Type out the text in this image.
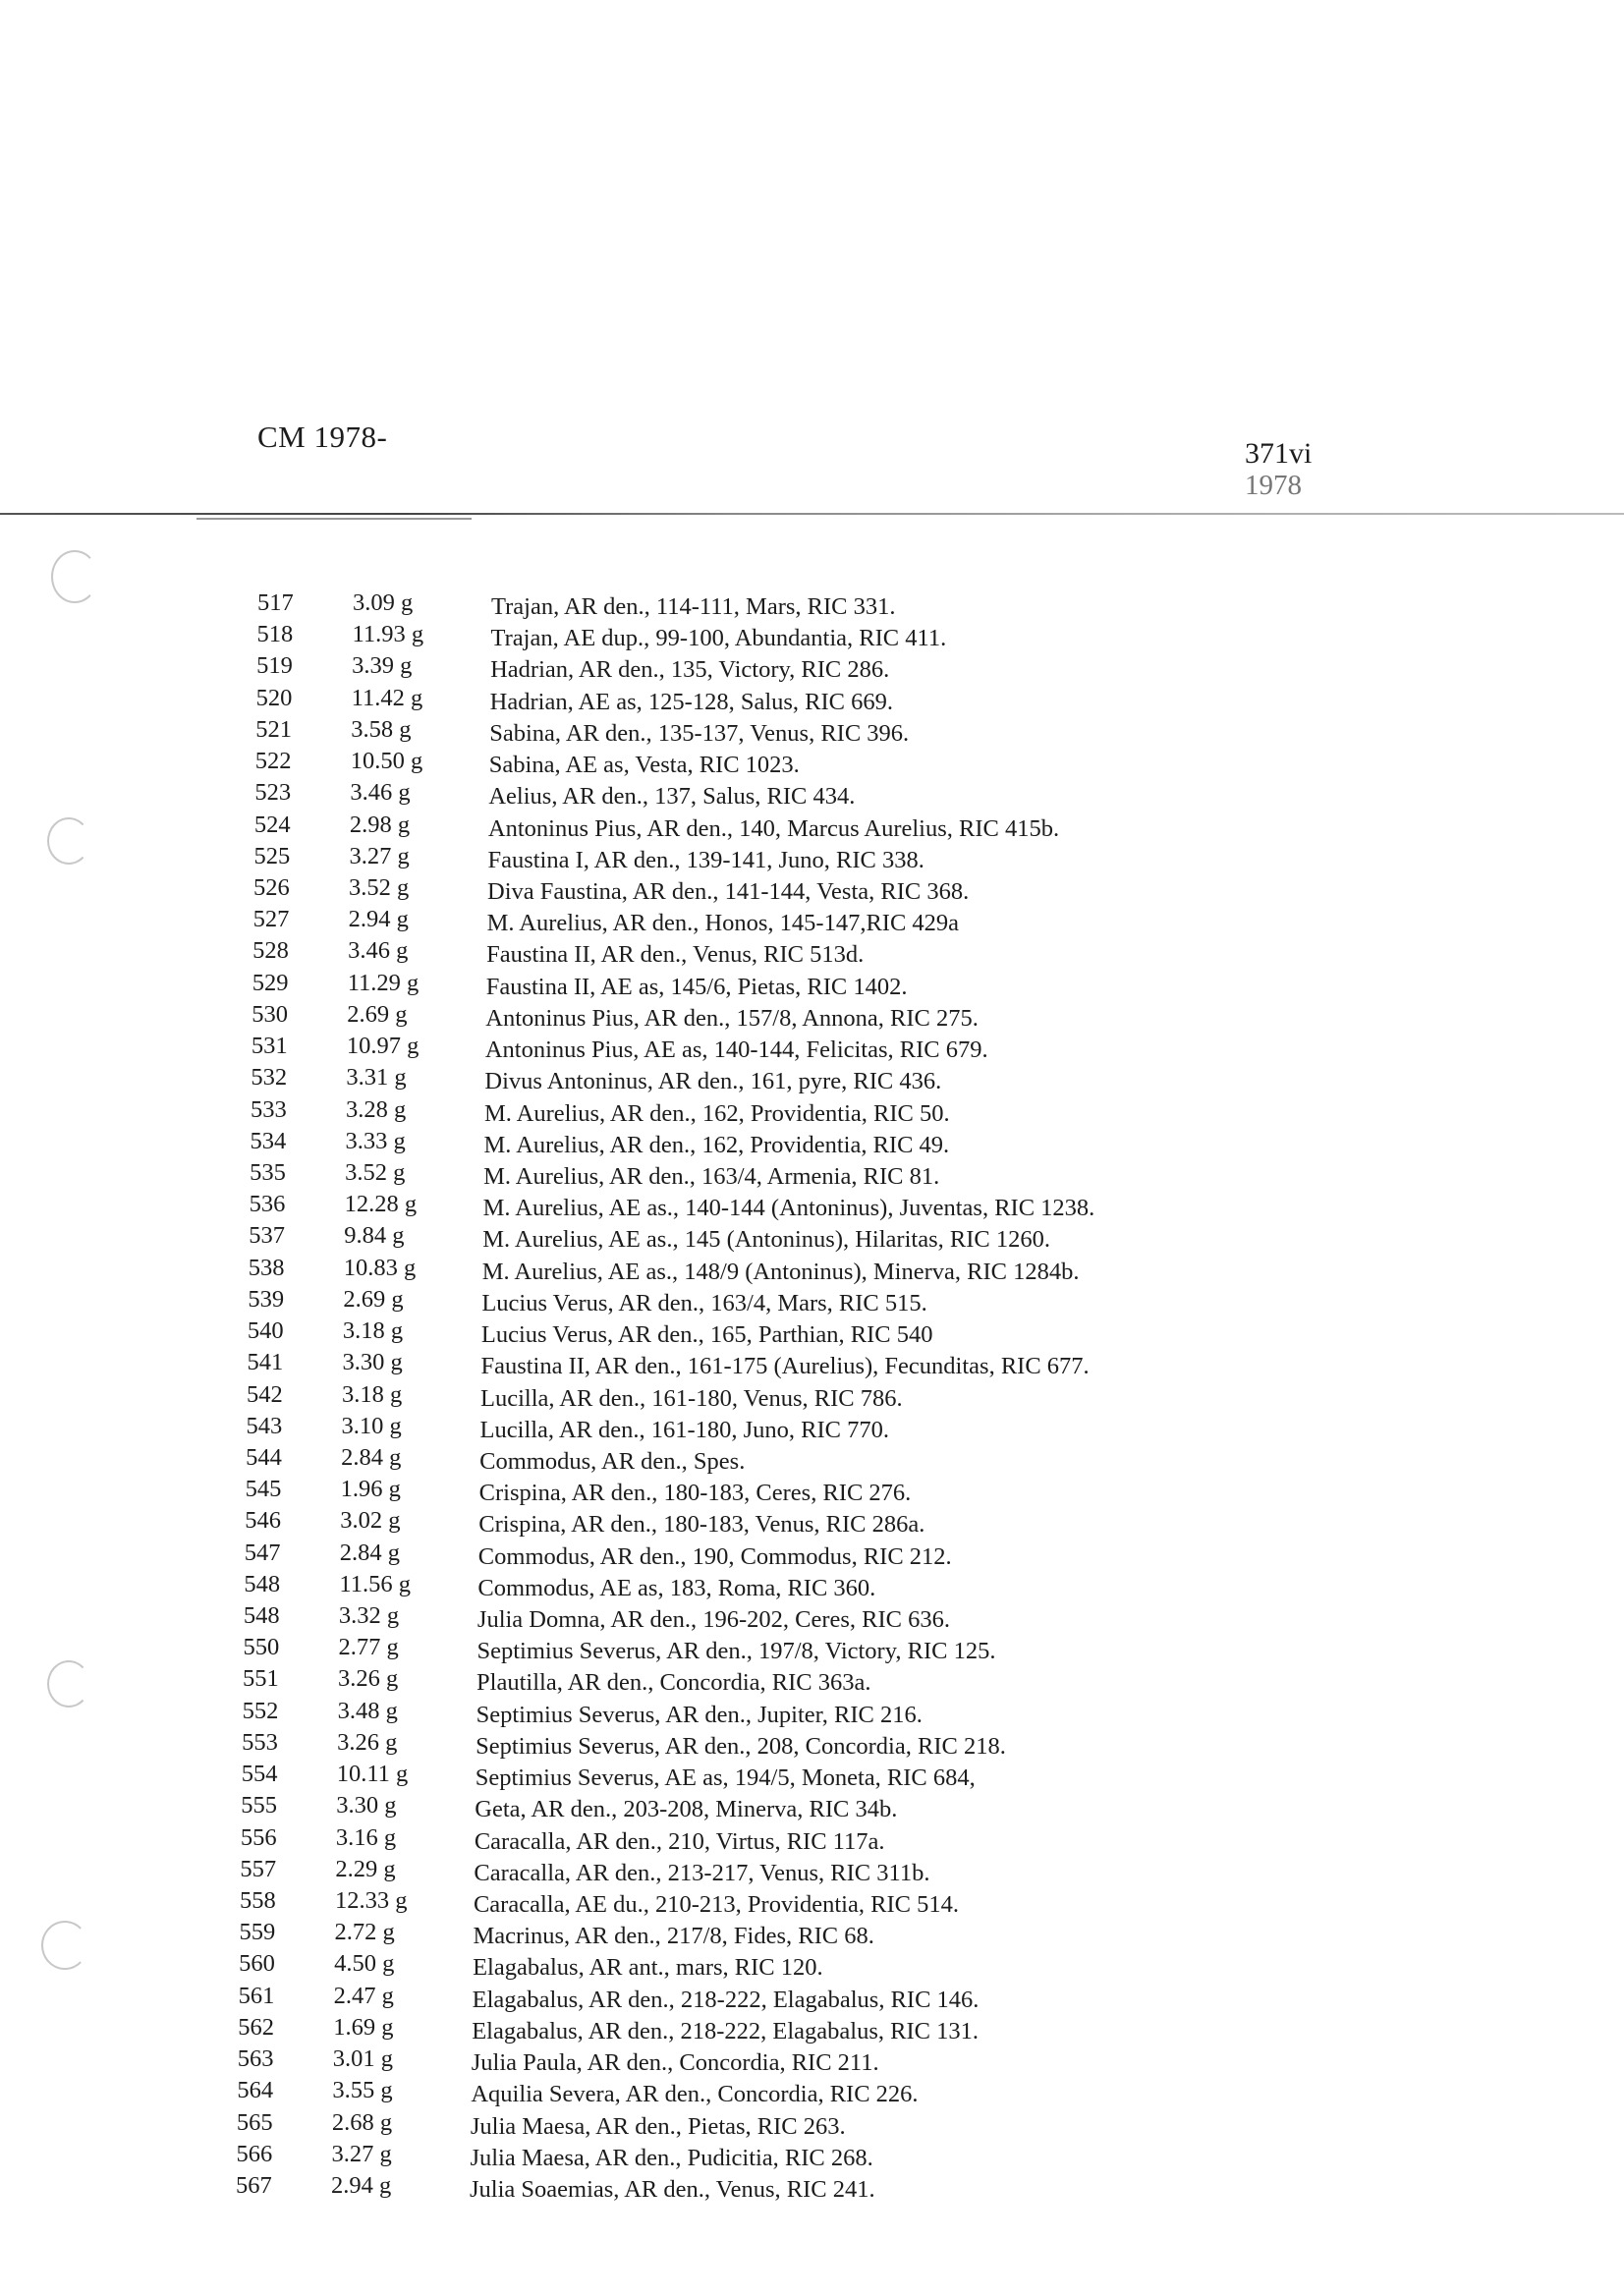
CM 1978-	371vi
1978
517 3.09 g	Trajan, AR den., 114-111, Mars, RIC 331.
518 11.93 g	Trajan, AE dup., 99-100, Abundantia, RIC 411.
519 3.39 g	Hadrian, AR den., 135, Victory, RIC 286.
520 11.42 g	Hadrian, AE as, 125-128, Salus, RIC 669.
521 3.58 g	Sabina, AR den., 135-137, Venus, RIC 396.
522 10.50 g	Sabina, AE as, Vesta, RIC 1023.
523 3.46 g	Aelius, AR den., 137, Salus, RIC 434.
524 2.98 g	Antoninus Pius, AR den., 140, Marcus Aurelius, RIC 415b.
525 3.27 g	Faustina I, AR den., 139-141, Juno, RIC 338.
526 3.52 g	Diva Faustina, AR den., 141-144, Vesta, RIC 368.
527 2.94 g	M. Aurelius, AR den., Honos, 145-147,RIC 429a
528 3.46 g	Faustina II, AR den., Venus, RIC 513d.
529 11.29 g	Faustina II, AE as, 145/6, Pietas, RIC 1402.
530 2.69 g	Antoninus Pius, AR den., 157/8, Annona, RIC 275.
531 10.97 g	Antoninus Pius, AE as, 140-144, Felicitas, RIC 679.
532 3.31 g	Divus Antoninus, AR den., 161, pyre, RIC 436.
533 3.28 g	M. Aurelius, AR den., 162, Providentia, RIC 50.
534 3.33 g	M. Aurelius, AR den., 162, Providentia, RIC 49.
535 3.52 g	M. Aurelius, AR den., 163/4, Armenia, RIC 81.
536 12.28 g	M. Aurelius, AE as., 140-144 (Antoninus), Juventas, RIC 1238.
537 9.84 g	M. Aurelius, AE as., 145 (Antoninus), Hilaritas, RIC 1260.
538 10.83 g	M. Aurelius, AE as., 148/9 (Antoninus), Minerva, RIC 1284b.
539 2.69 g	Lucius Verus, AR den., 163/4, Mars, RIC 515.
540 3.18 g	Lucius Verus, AR den., 165, Parthian, RIC 540
541 3.30 g	Faustina II, AR den., 161-175 (Aurelius), Fecunditas, RIC 677.
542 3.18 g	Lucilla, AR den., 161-180, Venus, RIC 786.
543 3.10 g	Lucilla, AR den., 161-180, Juno, RIC 770.
544 2.84 g	Commodus, AR den., Spes.
545 1.96 g	Crispina, AR den., 180-183, Ceres, RIC 276.
546 3.02 g	Crispina, AR den., 180-183, Venus, RIC 286a.
547 2.84 g	Commodus, AR den., 190, Commodus, RIC 212.
548 11.56 g	Commodus, AE as, 183, Roma, RIC 360.
548 3.32 g	Julia Domna, AR den., 196-202, Ceres, RIC 636.
550 2.77 g	Septimius Severus, AR den., 197/8, Victory, RIC 125.
551 3.26 g	Plautilla, AR den., Concordia, RIC 363a.
552 3.48 g	Septimius Severus, AR den., Jupiter, RIC 216.
553 3.26 g	Septimius Severus, AR den., 208, Concordia, RIC 218.
554 10.11 g	Septimius Severus, AE as, 194/5, Moneta, RIC 684,
555 3.30 g	Geta, AR den., 203-208, Minerva, RIC 34b.
556 3.16 g	Caracalla, AR den., 210, Virtus, RIC 117a.
557 2.29 g	Caracalla, AR den., 213-217, Venus, RIC 311b.
558 12.33 g	Caracalla, AE du., 210-213, Providentia, RIC 514.
559 2.72 g	Macrinus, AR den., 217/8, Fides, RIC 68.
560 4.50 g	Elagabalus, AR ant., mars, RIC 120.
561 2.47 g	Elagabalus, AR den., 218-222, Elagabalus, RIC 146.
562 1.69 g	Elagabalus, AR den., 218-222, Elagabalus, RIC 131.
563 3.01 g	Julia Paula, AR den., Concordia, RIC 211.
564 3.55 g	Aquilia Severa, AR den., Concordia, RIC 226.
565 2.68 g	Julia Maesa, AR den., Pietas, RIC 263.
566 3.27 g	Julia Maesa, AR den., Pudicitia, RIC 268.
567 2.94 g	Julia Soaemias, AR den., Venus, RIC 241.
